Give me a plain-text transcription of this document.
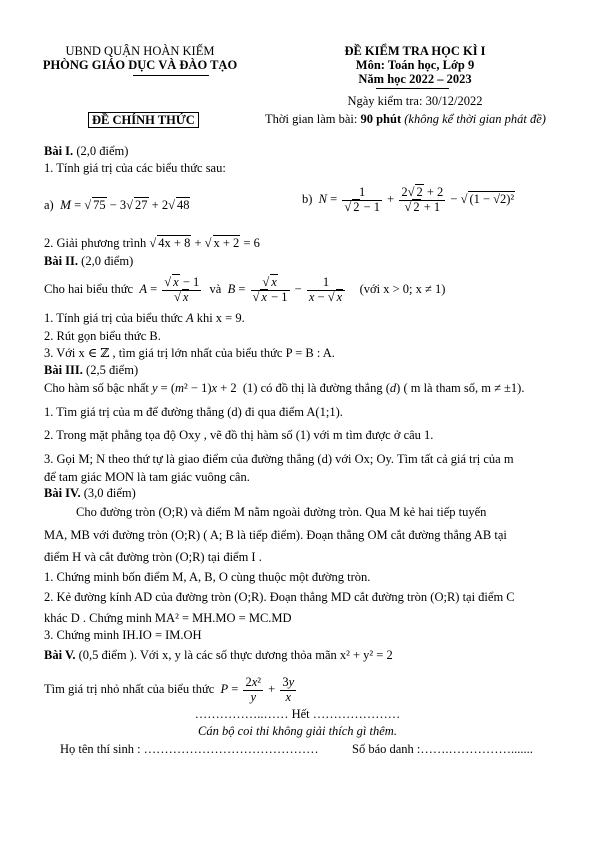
UBND QUẬN HOÀN KIẾM
PHÒNG GIÁO DỤC VÀ ĐÀO TẠO
ĐỀ CHÍNH THỨC
ĐỀ KIỂM TRA HỌC KÌ I
Môn: Toán học, Lớp 9
Năm học 2022 – 2023
Ngày kiểm tra: 30/12/2022
Thời gian làm bài: 90 phút (không kể thời gian phát đề)
Bài I. (2,0 điểm)
1. Tính giá trị của các biểu thức sau:
a)  M = √ 75 − 3√ 27 + 2√ 48	b)  $N = \frac{1}{√ 2 - 1} + \frac{2√ 2 + 2}{√ 2 + 1}$ − √ (1 − √2)²
2. Giải phương trình √ 4x + 8 + √ x + 2 = 6
Bài II. (2,0 điểm)
Cho hai biểu thức  $A = \frac{√ x - 1}{√ x}$ và $B = \frac{√ x}{√ x - 1} - \frac{1}{x - √ x}$ (với x > 0; x ≠ 1)
1. Tính giá trị của biểu thức A khi x = 9.
2. Rút gọn biểu thức B.
3. Với x ∈ ℤ , tìm giá trị lớn nhất của biểu thức P = B : A.
Bài III. (2,5 điểm)
Cho hàm số bậc nhất y = (m² − 1)x + 2  (1) có đồ thị là đường thẳng (d) ( m là tham số, m ≠ ±1).
1. Tìm giá trị của m để đường thẳng (d) đi qua điểm A(1;1).
2. Trong mặt phẳng tọa độ Oxy , vẽ đồ thị hàm số (1) với m tìm được ở câu 1.
3. Gọi M; N theo thứ tự là giao điểm của đường thẳng (d) với Ox; Oy. Tìm tất cả giá trị của m
để tam giác MON là tam giác vuông cân.
Bài IV. (3,0 điểm)
Cho đường tròn (O;R) và điểm M nằm ngoài đường tròn. Qua M kẻ hai tiếp tuyến
MA, MB với đường tròn (O;R) ( A; B là tiếp điểm). Đoạn thẳng OM cắt đường thẳng AB tại
điểm H và cắt đường tròn (O;R) tại điểm I .
1. Chứng minh bốn điểm M, A, B, O cùng thuộc một đường tròn.
2. Kẻ đường kính AD của đường tròn (O;R). Đoạn thẳng MD cắt đường tròn (O;R) tại điểm C
khác D . Chứng minh MA² = MH.MO = MC.MD
3. Chứng minh IH.IO = IM.OH
Bài V. (0,5 điểm ). Với x, y là các số thực dương thỏa mãn x² + y² = 2
Tìm giá trị nhỏ nhất của biểu thức  $P = \frac{\text{2x²}}{y} + \frac{3y}{x}$
……………..…… Hết …………………
Cán bộ coi thi không giải thích gì thêm.
Họ tên thí sinh : ……………………………………	Số báo danh :…….…………….......
